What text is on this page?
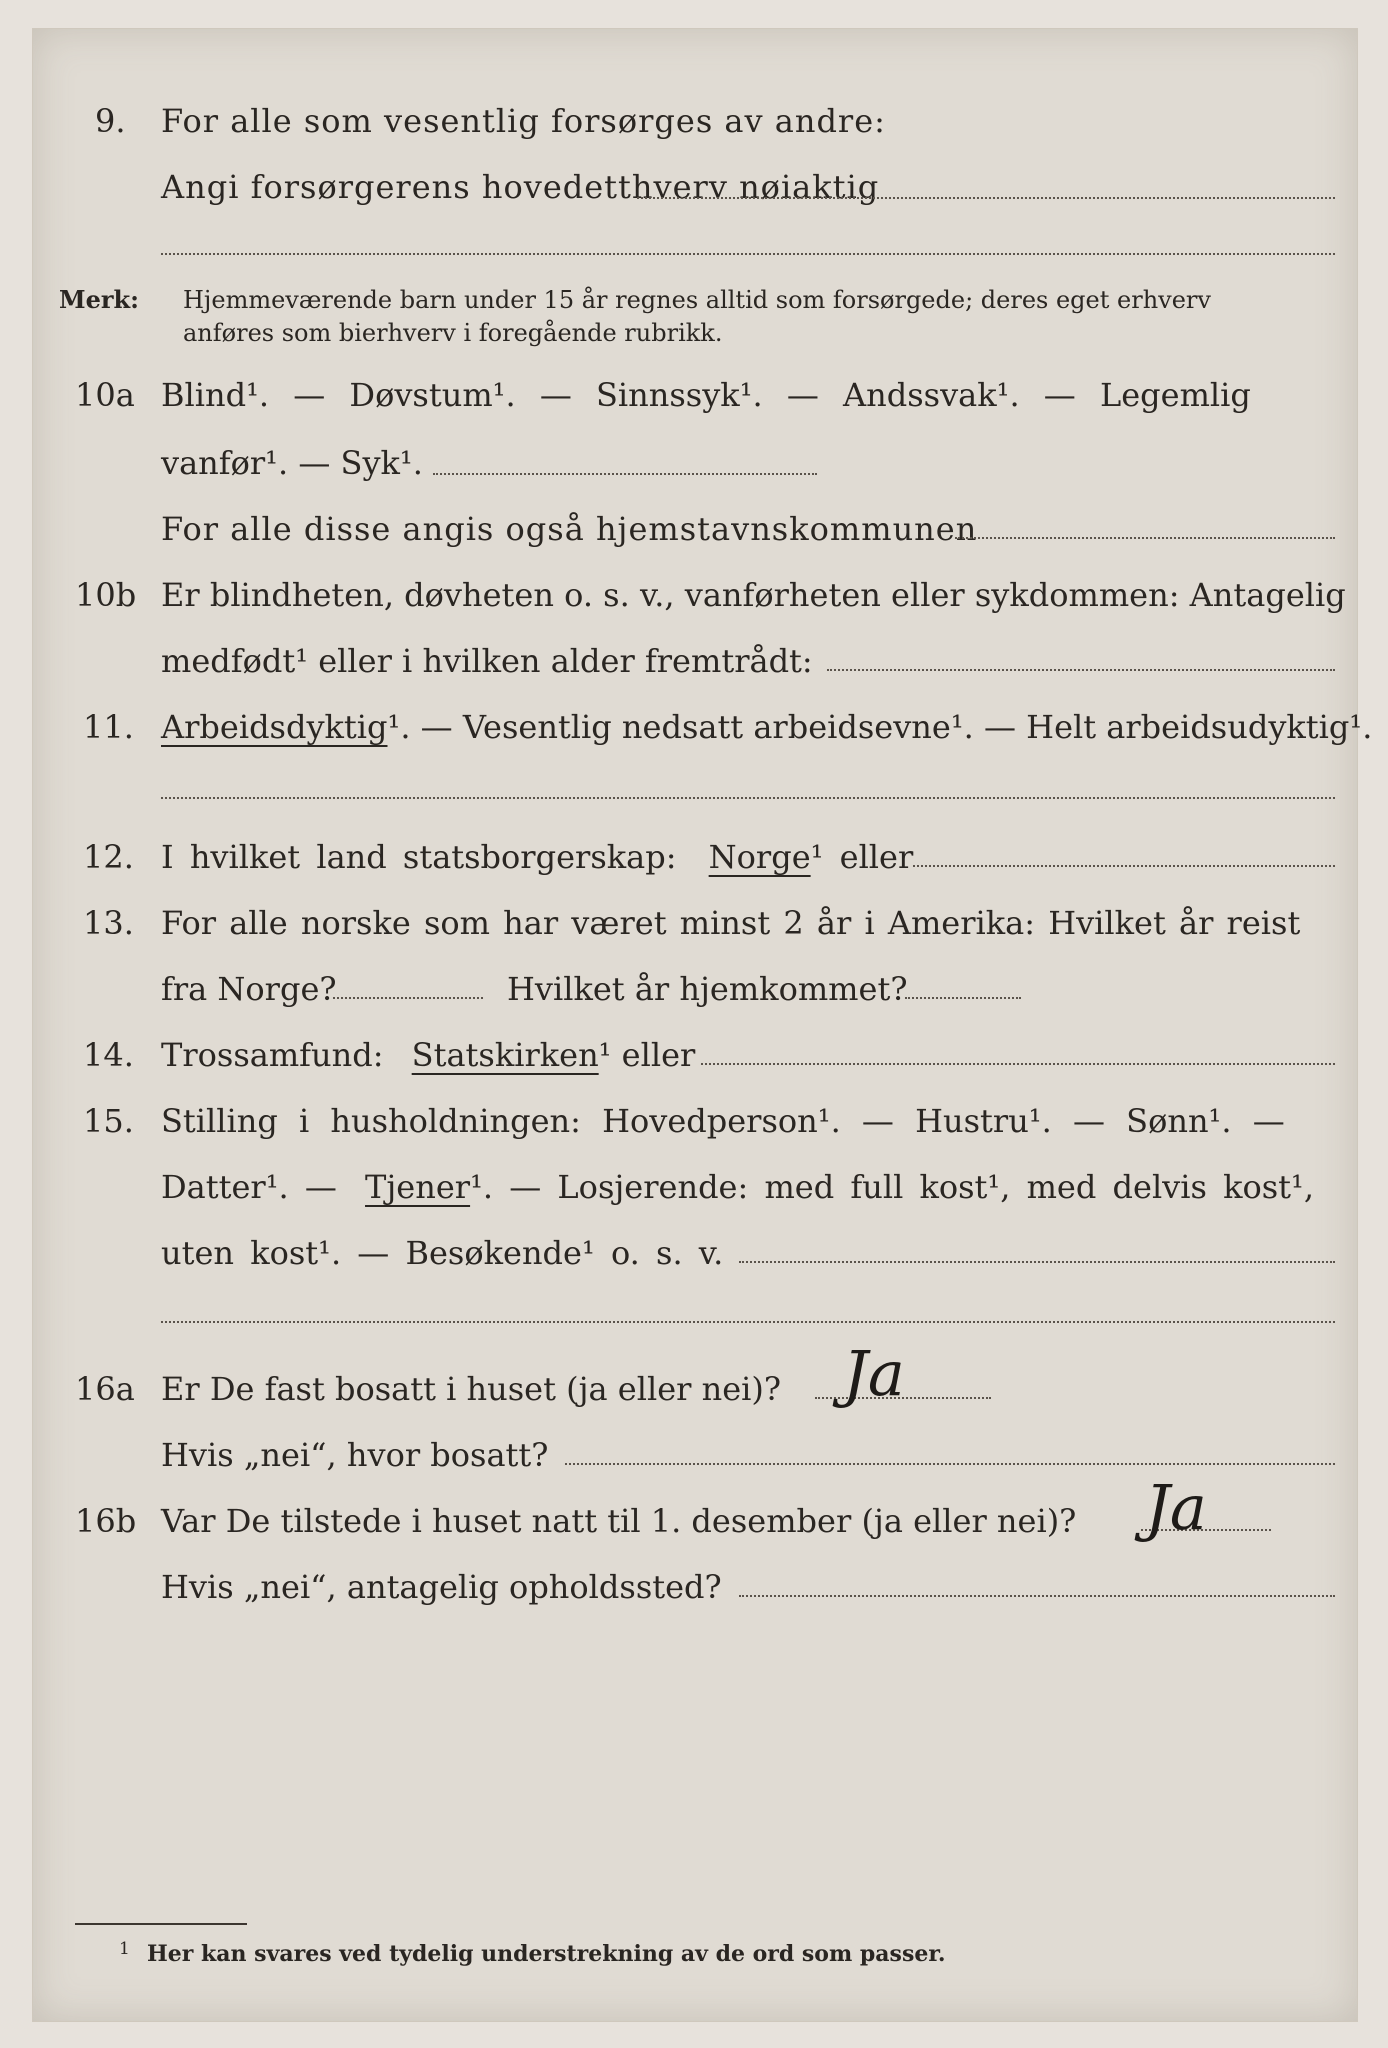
9. For alle som vesentlig forsørges av andre:
Angi forsørgerens hovedetthverv nøiaktig
Merk: Hjemmeværende barn under 15 år regnes alltid som forsørgede; deres eget erhverv
anføres som bierhverv i foregående rubrikk.
10a Blind¹. — Døvstum¹. — Sinnssyk¹. — Andssvak¹. — Legemlig
vanfør¹. — Syk¹.
For alle disse angis også hjemstavnskommunen
10b Er blindheten, døvheten o. s. v., vanførheten eller sykdommen: Antagelig
medfødt¹ eller i hvilken alder fremtrådt:
11. Arbeidsdyktig¹. — Vesentlig nedsatt arbeidsevne¹. — Helt arbeidsudyktig¹.
12. I hvilket land statsborgerskap: Norge¹ eller
13. For alle norske som har været minst 2 år i Amerika: Hvilket år reist
fra Norge?	Hvilket år hjemkommet?
14. Trossamfund: Statskirken¹ eller
15. Stilling i husholdningen: Hovedperson¹. — Hustru¹. — Sønn¹. —
Datter¹. — Tjener¹. — Losjerende: med full kost¹, med delvis kost¹,
uten kost¹. — Besøkende¹ o. s. v.
16a Er De fast bosatt i huset (ja eller nei)? Ja
Hvis „nei“, hvor bosatt?
16b Var De tilstede i huset natt til 1. desember (ja eller nei)? Ja
Hvis „nei“, antagelig opholdssted?
1 Her kan svares ved tydelig understrekning av de ord som passer.
